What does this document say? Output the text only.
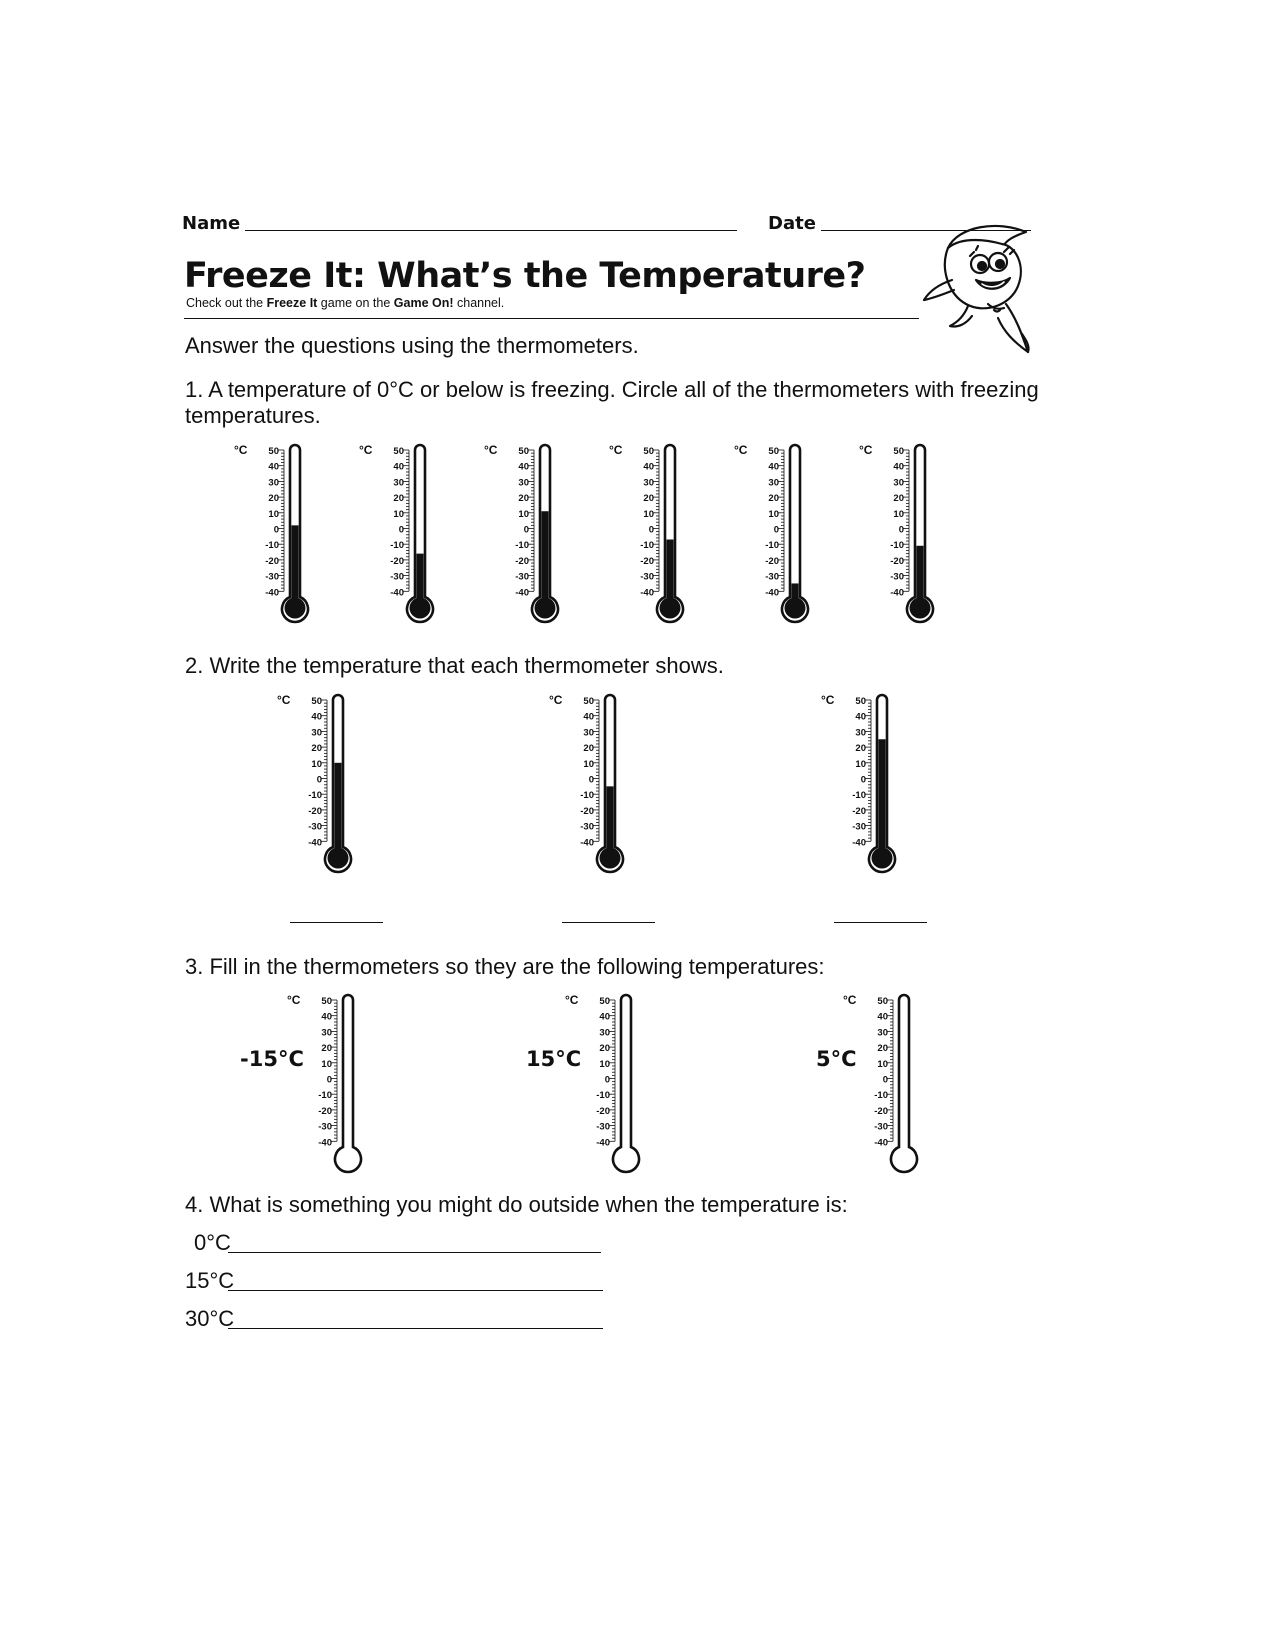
Name	Date
Freeze It: What’s the Temperature?
Check out the Freeze It game on the Game On! channel.
Answer the questions using the thermometers.
1. A temperature of 0°C or below is freezing. Circle all of the thermometers with freezing
temperatures.
°C 50
40
30
20
10
0
-10
-20
-30
-40
°C 50
40
30
20
10
0
-10
-20
-30
-40
°C 50
40
30
20
10
0
-10
-20
-30
-40
°C 50
40
30
20
10
0
-10
-20
-30
-40
°C 50
40
30
20
10
0
-10
-20
-30
-40
°C 50
40
30
20
10
0
-10
-20
-30
-40
2. Write the temperature that each thermometer shows.
°C 50
40
30
20
10
0
-10
-20
-30
-40
°C 50
40
30
20
10
0
-10
-20
-30
-40
°C 50
40
30
20
10
0
-10
-20
-30
-40
3. Fill in the thermometers so they are the following temperatures:
-15°C	15°C	5°C
°C 50
40
30
20
10
0
-10
-20
-30
-40
°C 50
40
30
20
10
0
-10
-20
-30
-40
°C 50
40
30
20
10
0
-10
-20
-30
-40
4. What is something you might do outside when the temperature is:
0°C
15°C
30°C
